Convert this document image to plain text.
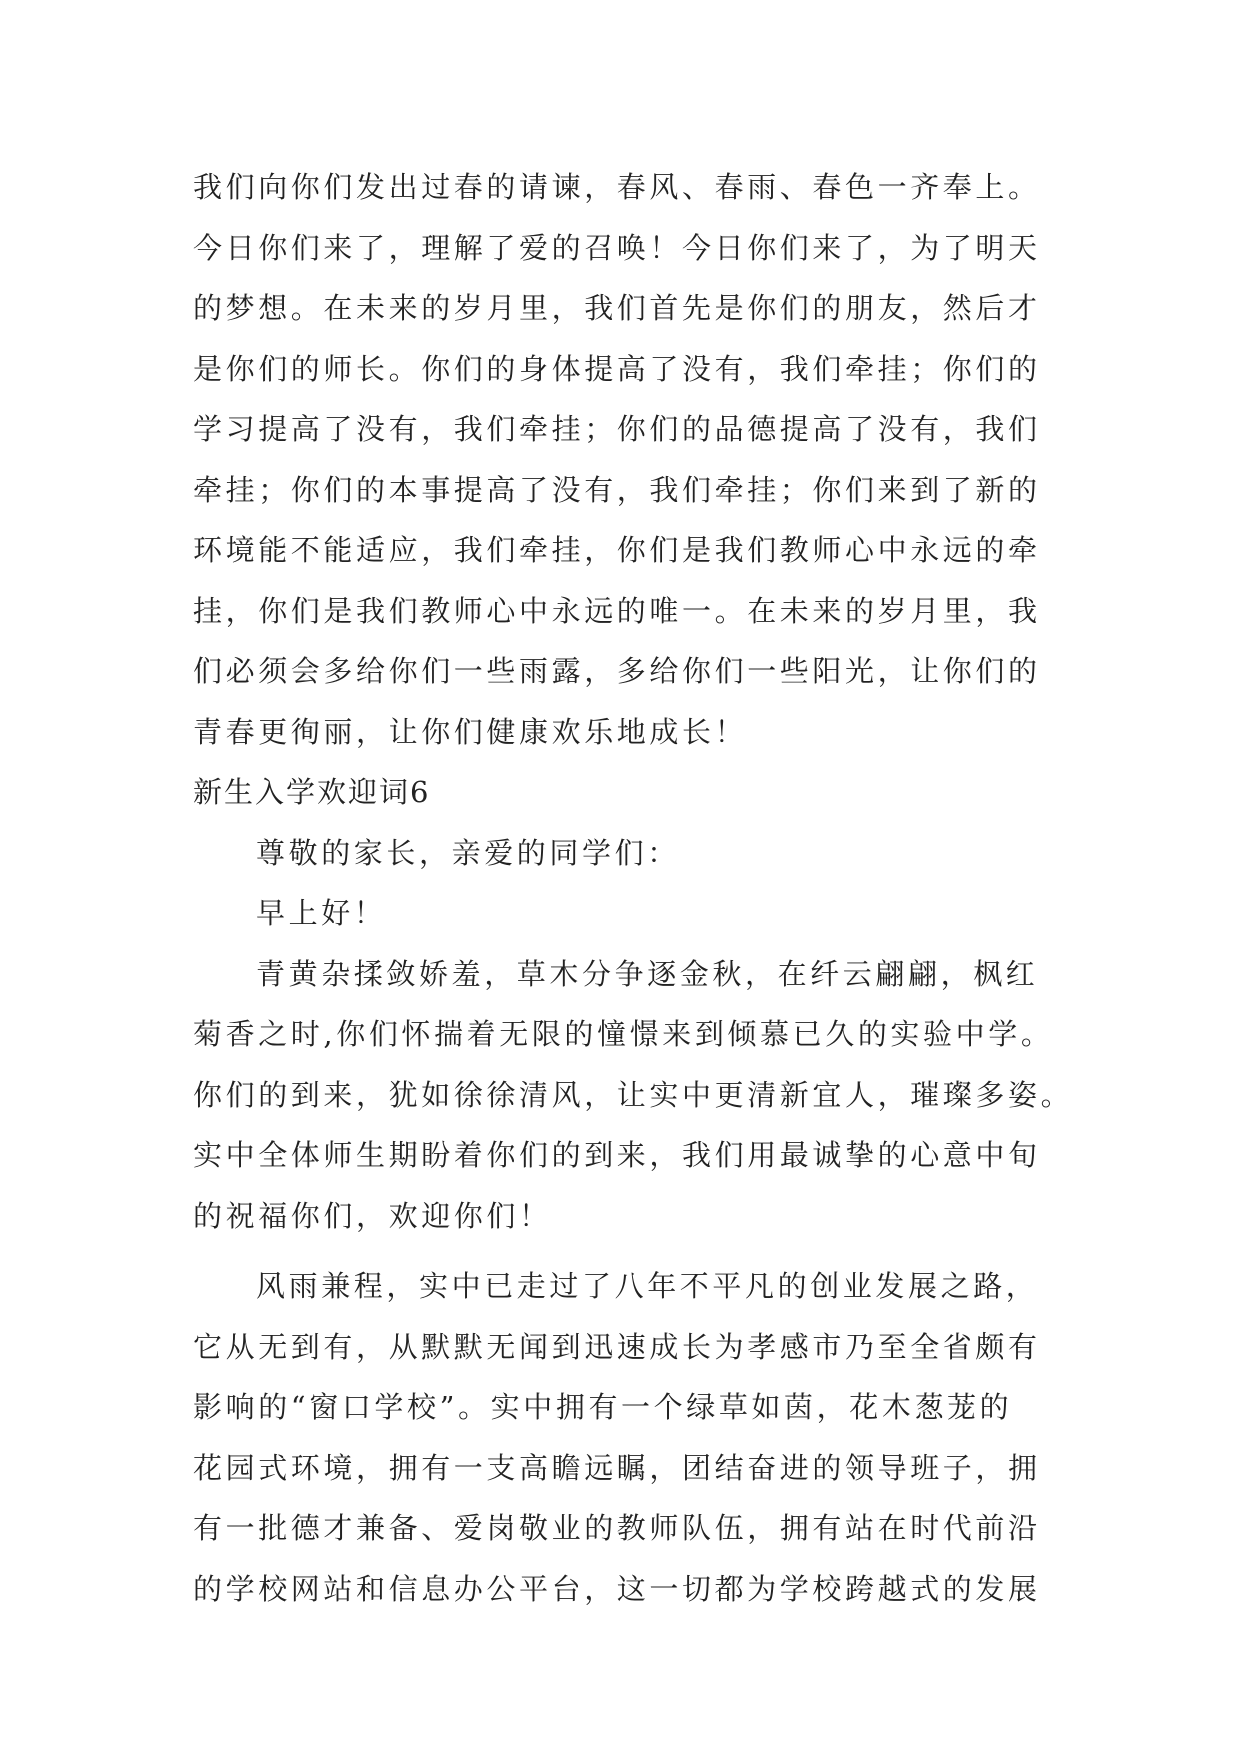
我们向你们发出过春的请谏，春风、春雨、春色一齐奉上。
今日你们来了，理解了爱的召唤！今日你们来了，为了明天
的梦想。在未来的岁月里，我们首先是你们的朋友，然后才
是你们的师长。你们的身体提高了没有，我们牵挂；你们的
学习提高了没有，我们牵挂；你们的品德提高了没有，我们
牵挂；你们的本事提高了没有，我们牵挂；你们来到了新的
环境能不能适应，我们牵挂，你们是我们教师心中永远的牵
挂，你们是我们教师心中永远的唯一。在未来的岁月里，我
们必须会多给你们一些雨露，多给你们一些阳光，让你们的
青春更徇丽，让你们健康欢乐地成长！
新生入学欢迎词6
尊敬的家长，亲爱的同学们：
早上好！
青黄杂揉敛娇羞，草木分争逐金秋，在纤云翩翩，枫红
菊香之时,你们怀揣着无限的憧憬来到倾慕已久的实验中学。
你们的到来，犹如徐徐清风，让实中更清新宜人，璀璨多姿。
实中全体师生期盼着你们的到来，我们用最诚挚的心意中旬
的祝福你们，欢迎你们！
风雨兼程，实中已走过了八年不平凡的创业发展之路，
它从无到有，从默默无闻到迅速成长为孝感市乃至全省颇有
影响的“窗口学校”。实中拥有一个绿草如茵，花木葱茏的
花园式环境，拥有一支高瞻远瞩，团结奋进的领导班子，拥
有一批德才兼备、爱岗敬业的教师队伍，拥有站在时代前沿
的学校网站和信息办公平台，这一切都为学校跨越式的发展
